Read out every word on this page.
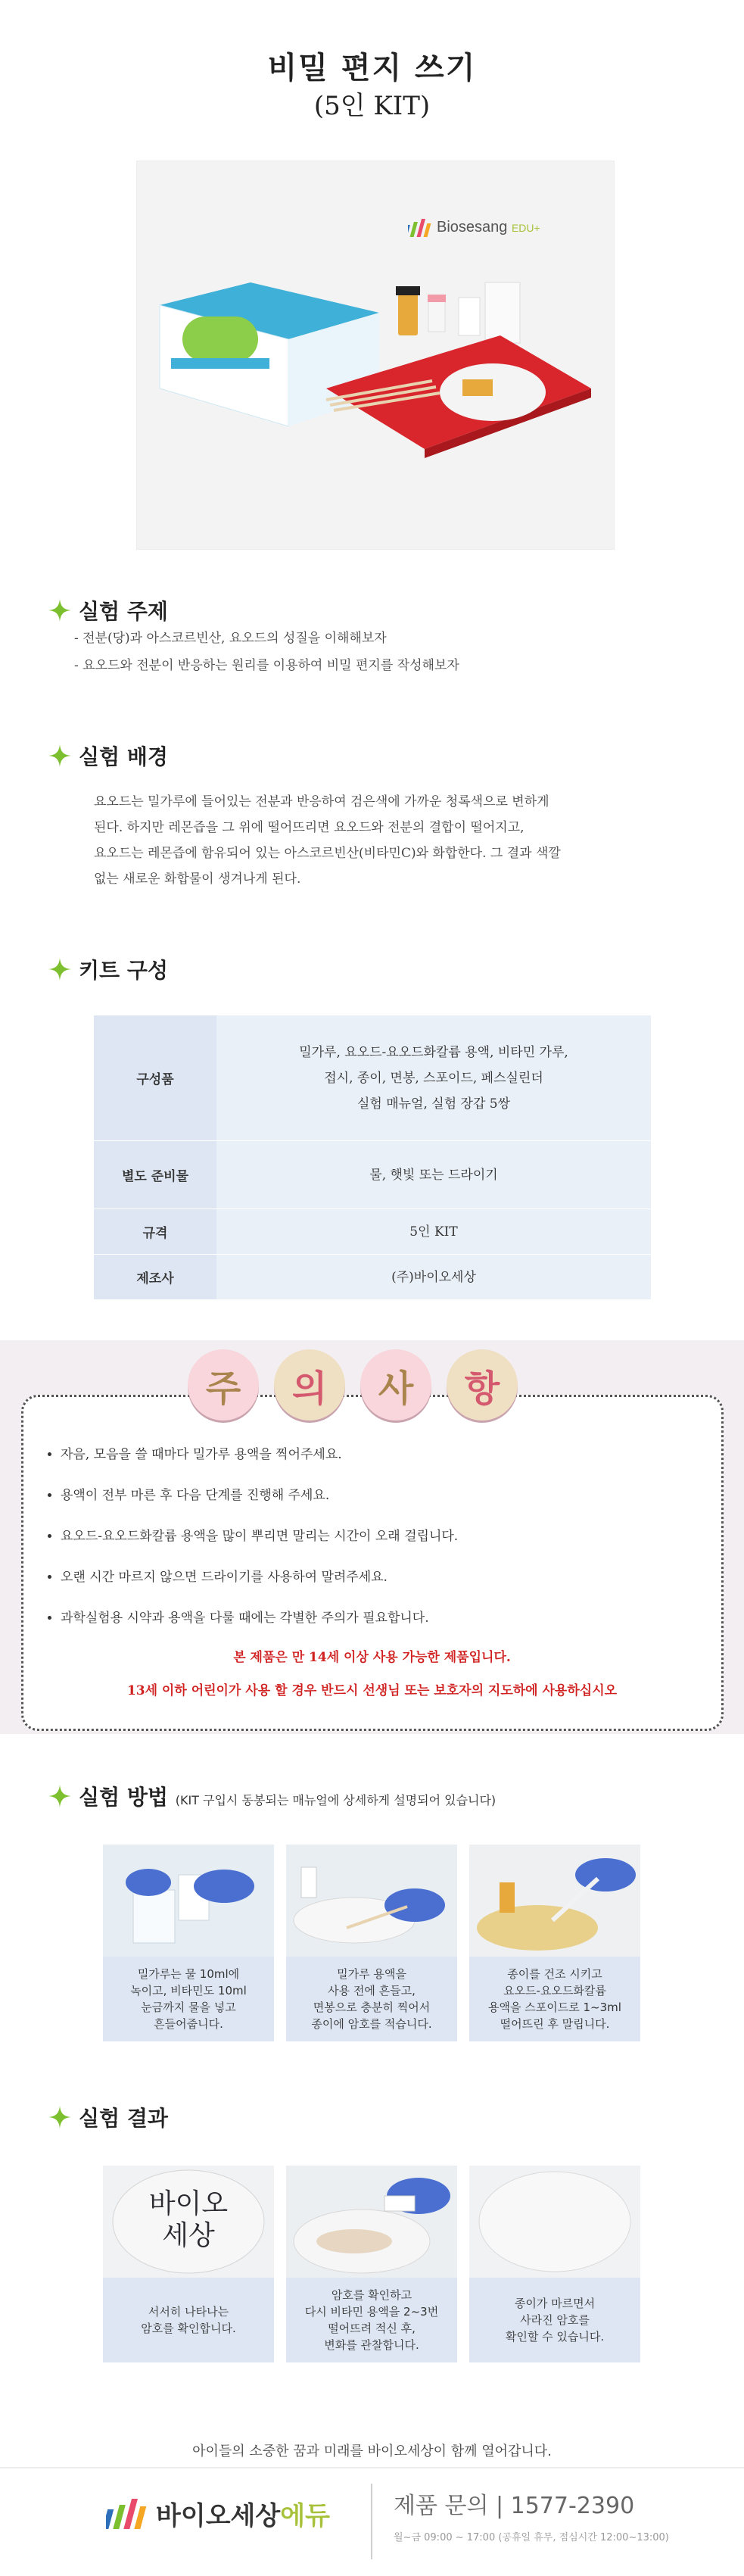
비밀 편지 쓰기
(5인 KIT)
Biosesang EDU+
실험 주제
- 전분(당)과 아스코르빈산, 요오드의 성질을 이해해보자
- 요오드와 전분이 반응하는 원리를 이용하여 비밀 편지를 작성해보자
실험 배경
요오드는 밀가루에 들어있는 전분과 반응하여 검은색에 가까운 청록색으로 변하게
된다. 하지만 레몬즙을 그 위에 떨어뜨리면 요오드와 전분의 결합이 떨어지고,
요오드는 레몬즙에 함유되어 있는 아스코르빈산(비타민C)와 화합한다. 그 결과 색깔
없는 새로운 화합물이 생겨나게 된다.
키트 구성
구성품	밀가루, 요오드-요오드화칼륨 용액, 비타민 가루,
접시, 종이, 면봉, 스포이드, 페스실린더
실험 매뉴얼, 실험 장갑 5쌍

별도 준비물	물, 햇빛 또는 드라이기
규격	5인 KIT
제조사	(주)바이오세상
주	의	사	항
• 자음, 모음을 쓸 때마다 밀가루 용액을 찍어주세요.
• 용액이 전부 마른 후 다음 단계를 진행해 주세요.
• 요오드-요오드화칼륨 용액을 많이 뿌리면 말리는 시간이 오래 걸립니다.
• 오랜 시간 마르지 않으면 드라이기를 사용하여 말려주세요.
• 과학실험용 시약과 용액을 다룰 때에는 각별한 주의가 필요합니다.
본 제품은 만 14세 이상 사용 가능한 제품입니다.
13세 이하 어린이가 사용 할 경우 반드시 선생님 또는 보호자의 지도하에 사용하십시오
실험 방법 (KIT 구입시 동봉되는 매뉴얼에 상세하게 설명되어 있습니다)
밀가루는 물 10ml에
녹이고, 비타민도 10ml
눈금까지 물을 넣고
흔들어줍니다.
밀가루 용액을
사용 전에 흔들고,
면봉으로 충분히 찍어서
종이에 암호를 적습니다.
종이를 건조 시키고
요오드-요오드화칼륨
용액을 스포이드로 1~3ml
떨어뜨린 후 말립니다.
실험 결과
바이오
세상
서서히 나타나는
암호를 확인합니다.
암호를 확인하고
다시 비타민 용액을 2~3번
떨어뜨려 적신 후,
변화를 관찰합니다.
종이가 마르면서
사라진 암호를
확인할 수 있습니다.
아이들의 소중한 꿈과 미래를 바이오세상이 함께 열어갑니다.
바이오세상에듀	제품 문의 | 1577-2390
월~금 09:00 ~ 17:00 (공휴일 휴무, 점심시간 12:00~13:00)
